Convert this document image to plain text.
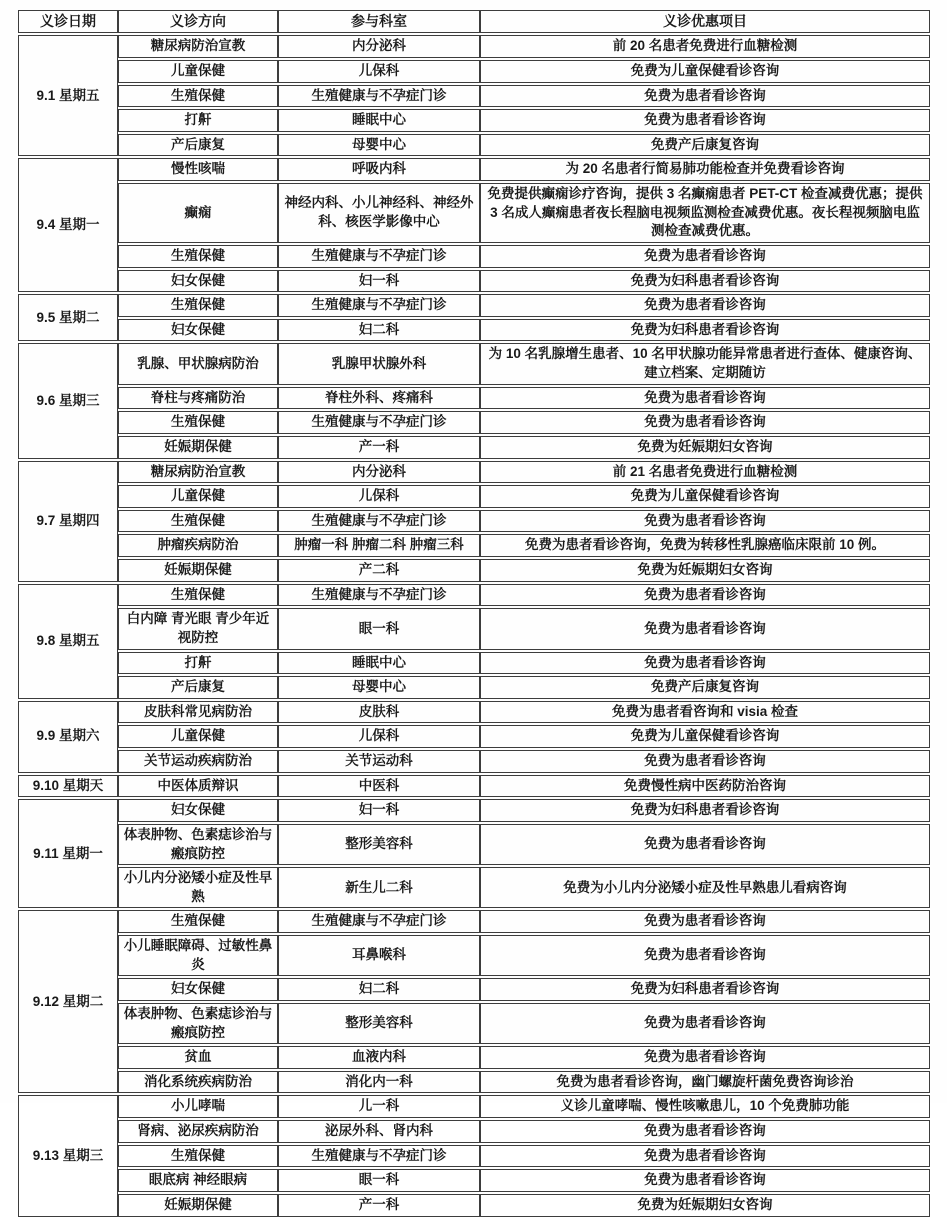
义诊日期	义诊方向	参与科室	义诊优惠项目
9.1 星期五	糖尿病防治宣教	内分泌科	前 20 名患者免费进行血糖检测
	儿童保健	儿保科	免费为儿童保健看诊咨询
	生殖保健	生殖健康与不孕症门诊	免费为患者看诊咨询
	打鼾	睡眠中心	免费为患者看诊咨询
	产后康复	母婴中心	免费产后康复咨询
9.4 星期一	慢性咳喘	呼吸内科	为 20 名患者行简易肺功能检查并免费看诊咨询
	癫痫	神经内科、小儿神经科、神经外科、核医学影像中心	免费提供癫痫诊疗咨询，提供 3 名癫痫患者 PET-CT 检查减费优惠；提供 3 名成人癫痫患者夜长程脑电视频监测检查减费优惠。夜长程视频脑电监测检查减费优惠。
	生殖保健	生殖健康与不孕症门诊	免费为患者看诊咨询
	妇女保健	妇一科	免费为妇科患者看诊咨询
9.5 星期二	生殖保健	生殖健康与不孕症门诊	免费为患者看诊咨询
	妇女保健	妇二科	免费为妇科患者看诊咨询
9.6 星期三	乳腺、甲状腺病防治	乳腺甲状腺外科	为 10 名乳腺增生患者、10 名甲状腺功能异常患者进行查体、健康咨询、建立档案、定期随访
	脊柱与疼痛防治	脊柱外科、疼痛科	免费为患者看诊咨询
	生殖保健	生殖健康与不孕症门诊	免费为患者看诊咨询
	妊娠期保健	产一科	免费为妊娠期妇女咨询
9.7 星期四	糖尿病防治宣教	内分泌科	前 21 名患者免费进行血糖检测
	儿童保健	儿保科	免费为儿童保健看诊咨询
	生殖保健	生殖健康与不孕症门诊	免费为患者看诊咨询
	肿瘤疾病防治	肿瘤一科 肿瘤二科 肿瘤三科	免费为患者看诊咨询，免费为转移性乳腺癌临床限前 10 例。
	妊娠期保健	产二科	免费为妊娠期妇女咨询
9.8 星期五	生殖保健	生殖健康与不孕症门诊	免费为患者看诊咨询
	白内障 青光眼 青少年近视防控	眼一科	免费为患者看诊咨询
	打鼾	睡眠中心	免费为患者看诊咨询
	产后康复	母婴中心	免费产后康复咨询
9.9 星期六	皮肤科常见病防治	皮肤科	免费为患者看咨询和 visia 检查
	儿童保健	儿保科	免费为儿童保健看诊咨询
	关节运动疾病防治	关节运动科	免费为患者看诊咨询
9.10 星期天	中医体质辩识	中医科	免费慢性病中医药防治咨询
9.11 星期一	妇女保健	妇一科	免费为妇科患者看诊咨询
	体表肿物、色素痣诊治与瘢痕防控	整形美容科	免费为患者看诊咨询
	小儿内分泌矮小症及性早熟	新生儿二科	免费为小儿内分泌矮小症及性早熟患儿看病咨询
9.12 星期二	生殖保健	生殖健康与不孕症门诊	免费为患者看诊咨询
	小儿睡眠障碍、过敏性鼻炎	耳鼻喉科	免费为患者看诊咨询
	妇女保健	妇二科	免费为妇科患者看诊咨询
	体表肿物、色素痣诊治与瘢痕防控	整形美容科	免费为患者看诊咨询
	贫血	血液内科	免费为患者看诊咨询
	消化系统疾病防治	消化内一科	免费为患者看诊咨询，幽门螺旋杆菌免费咨询诊治
9.13 星期三	小儿哮喘	儿一科	义诊儿童哮喘、慢性咳嗽患儿，10 个免费肺功能
	肾病、泌尿疾病防治	泌尿外科、肾内科	免费为患者看诊咨询
	生殖保健	生殖健康与不孕症门诊	免费为患者看诊咨询
	眼底病 神经眼病	眼一科	免费为患者看诊咨询
	妊娠期保健	产一科	免费为妊娠期妇女咨询
